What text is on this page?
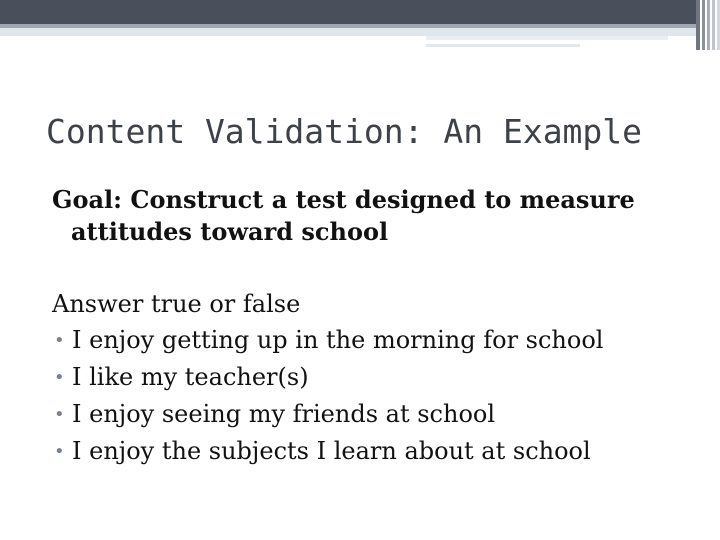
Content Validation: An Example
Goal: Construct a test designed to measure
attitudes toward school
Answer true or false
• I enjoy getting up in the morning for school
• I like my teacher(s)
• I enjoy seeing my friends at school
• I enjoy the subjects I learn about at school
